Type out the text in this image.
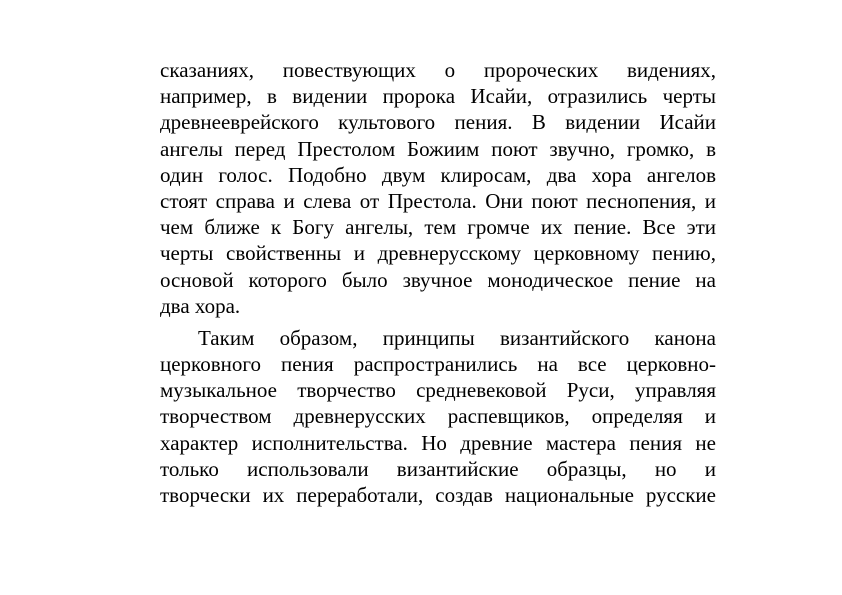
сказаниях, повествующих о пророческих видениях,
например, в видении пророка Исайи, отразились черты
древнееврейского культового пения. В видении Исайи
ангелы перед Престолом Божиим поют звучно, громко, в
один голос. Подобно двум клиросам, два хора ангелов
стоят справа и слева от Престола. Они поют песнопения, и
чем ближе к Богу ангелы, тем громче их пение. Все эти
черты свойственны и древнерусскому церковному пению,
основой которого было звучное монодическое пение на
два хора.

Таким образом, принципы византийского канона
церковного пения распространились на все церковно-
музыкальное творчество средневековой Руси, управляя
творчеством древнерусских распевщиков, определяя и
характер исполнительства. Но древние мастера пения не
только использовали византийские образцы, но и
творчески их переработали, создав национальные русские
